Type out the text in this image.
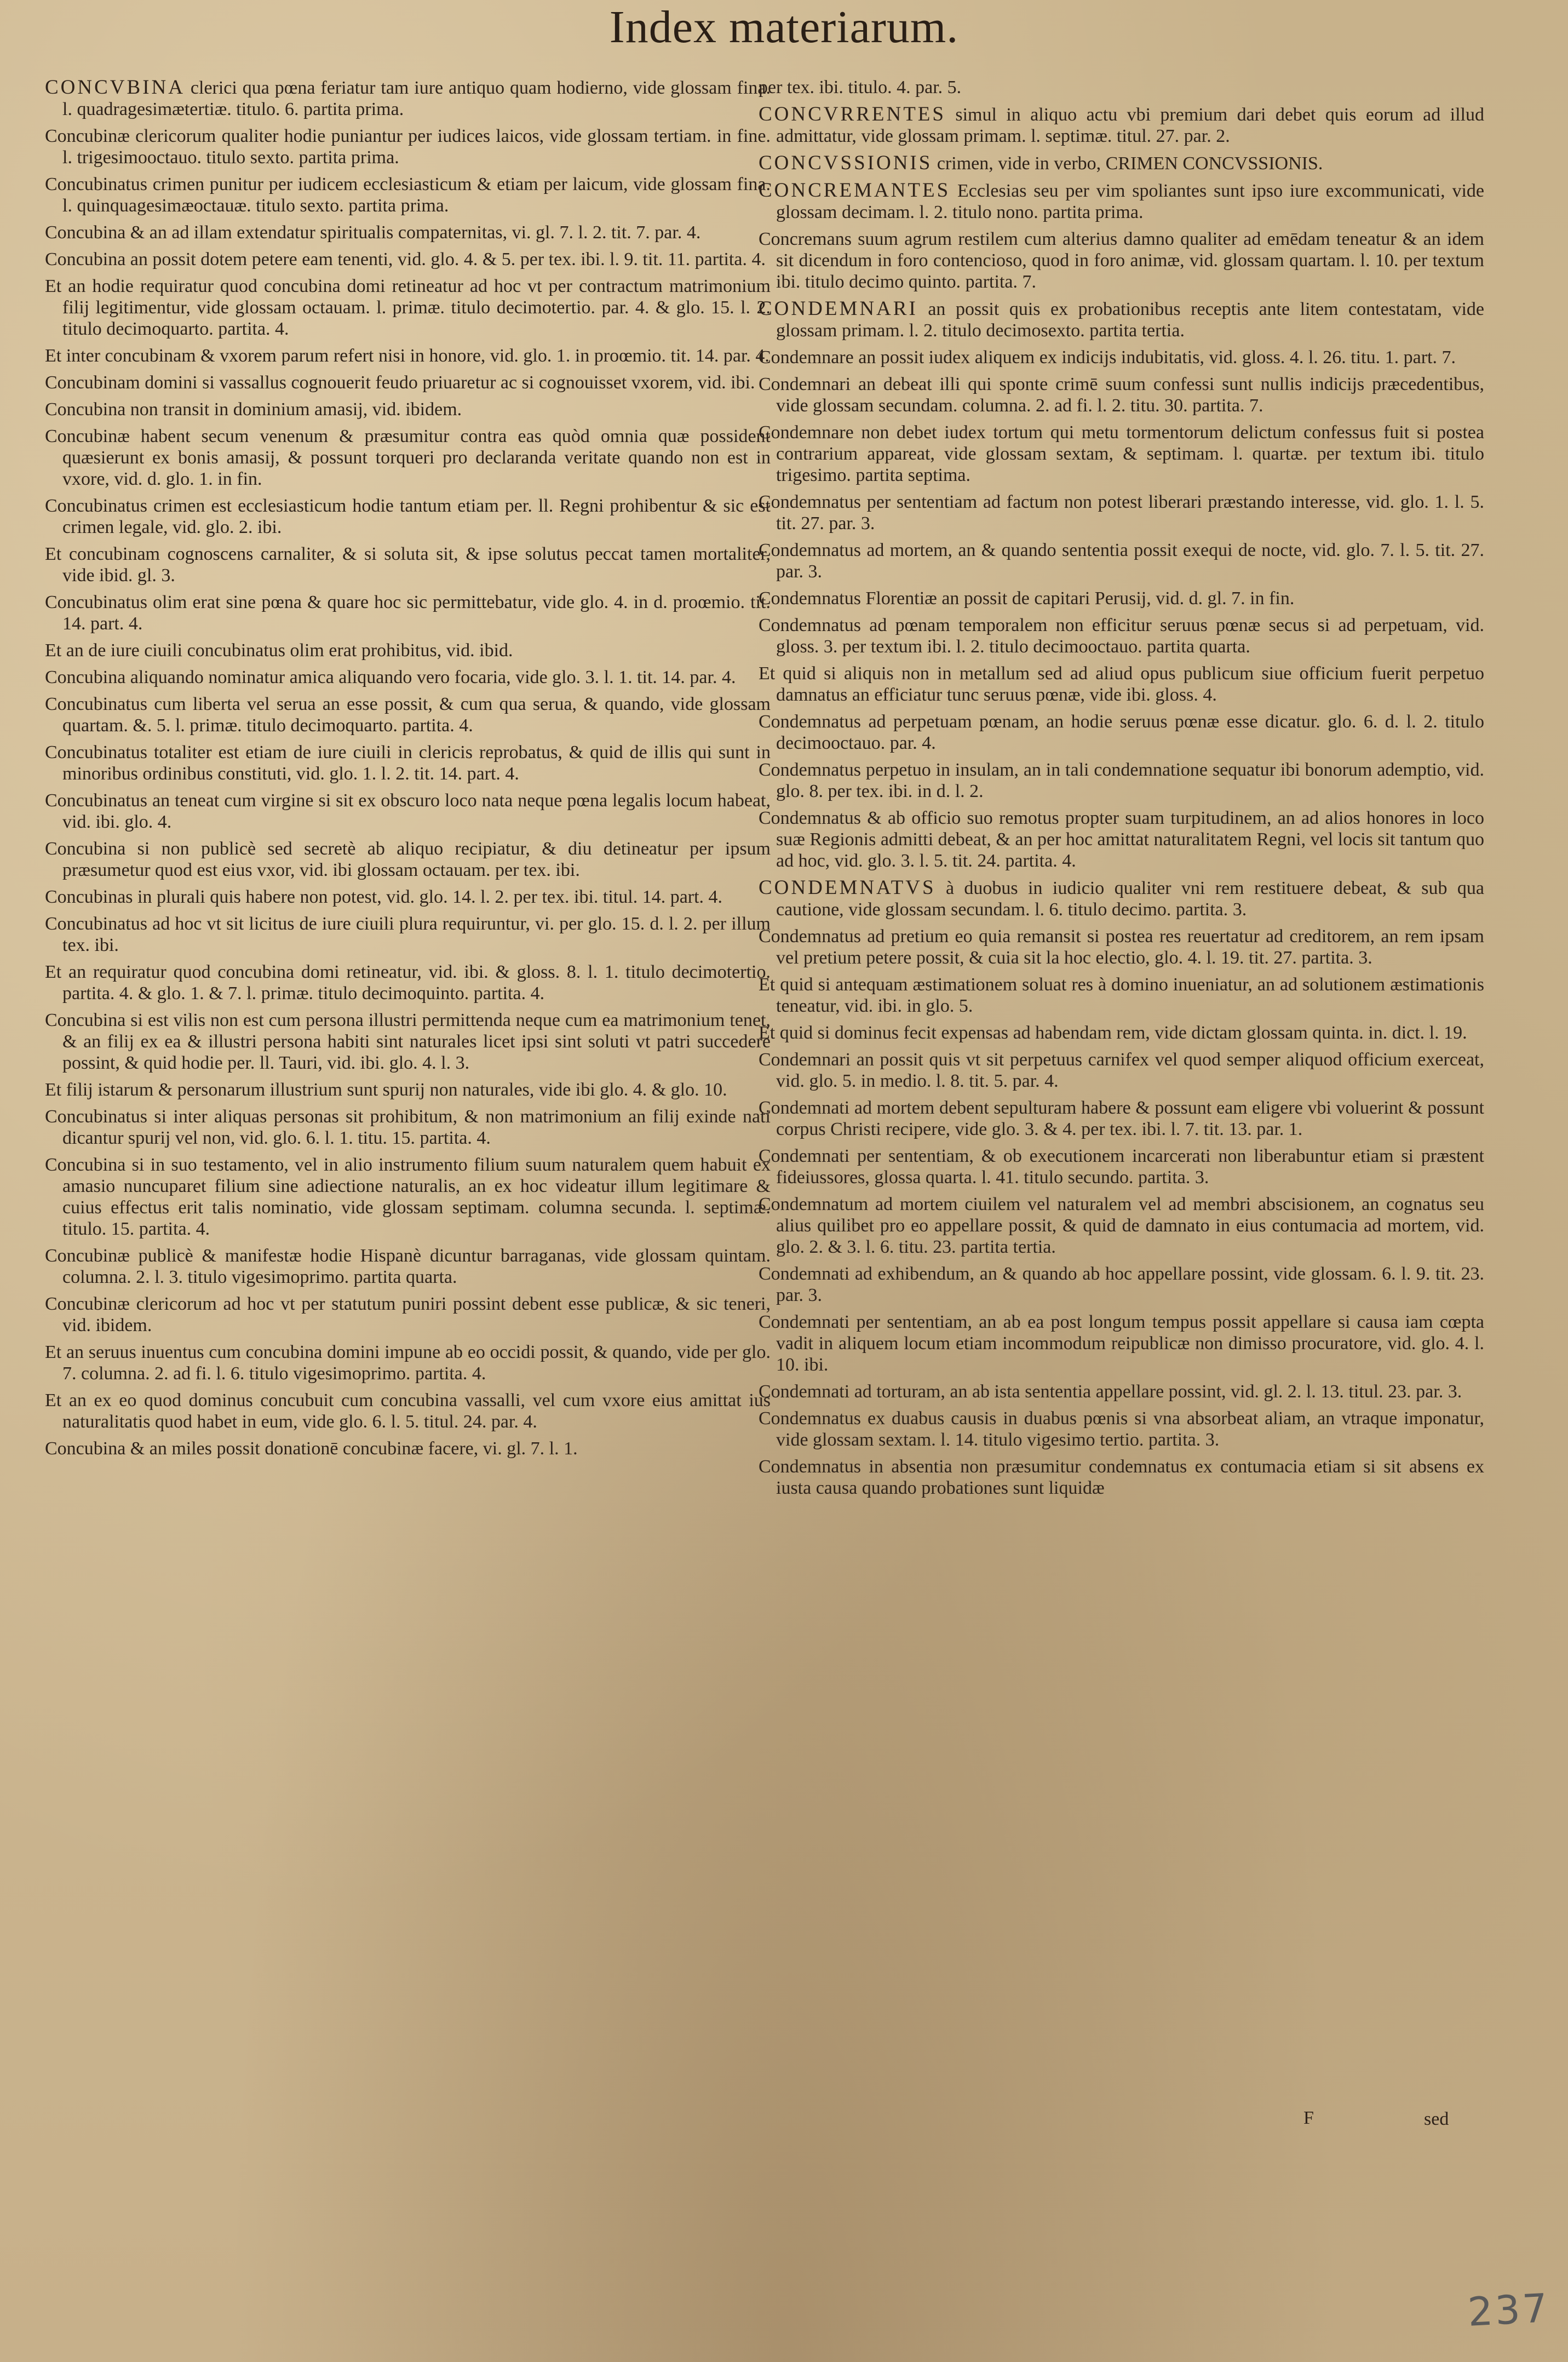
Index materiarum.

CONCVBINA clerici qua pœna feriatur tam iure antiquo quam hodierno, vide glossam fina. l. quadragesimætertiæ. titulo. 6. partita prima.

Concubinæ clericorum qualiter hodie puniantur per iudices laicos, vide glossam tertiam. in fine. l. trigesimooctauo. titulo sexto. partita prima.

Concubinatus crimen punitur per iudicem ecclesiasticum & etiam per laicum, vide glossam fina. l. quinquagesimæoctauæ. titulo sexto. partita prima.

Concubina & an ad illam extendatur spiritualis compaternitas, vi. gl. 7. l. 2. tit. 7. par. 4.

Concubina an possit dotem petere eam tenenti, vid. glo. 4. & 5. per tex. ibi. l. 9. tit. 11. partita. 4.

Et an hodie requiratur quod concubina domi retineatur ad hoc vt per contractum matrimonium filij legitimentur, vide glossam octauam. l. primæ. titulo decimotertio. par. 4. & glo. 15. l. 2. titulo decimoquarto. partita. 4.

Et inter concubinam & vxorem parum refert nisi in honore, vid. glo. 1. in proœmio. tit. 14. par. 4.

Concubinam domini si vassallus cognouerit feudo priuaretur ac si cognouisset vxorem, vid. ibi.

Concubina non transit in dominium amasij, vid. ibidem.

Concubinæ habent secum venenum & præsumitur contra eas quòd omnia quæ possident quæsierunt ex bonis amasij, & possunt torqueri pro declaranda veritate quando non est in vxore, vid. d. glo. 1. in fin.

Concubinatus crimen est ecclesiasticum hodie tantum etiam per. ll. Regni prohibentur & sic est crimen legale, vid. glo. 2. ibi.

Et concubinam cognoscens carnaliter, & si soluta sit, & ipse solutus peccat tamen mortaliter, vide ibid. gl. 3.

Concubinatus olim erat sine pœna & quare hoc sic permittebatur, vide glo. 4. in d. proœmio. tit. 14. part. 4.

Et an de iure ciuili concubinatus olim erat prohibitus, vid. ibid.

Concubina aliquando nominatur amica aliquando vero focaria, vide glo. 3. l. 1. tit. 14. par. 4.

Concubinatus cum liberta vel serua an esse possit, & cum qua serua, & quando, vide glossam quartam. &. 5. l. primæ. titulo decimoquarto. partita. 4.

Concubinatus totaliter est etiam de iure ciuili in clericis reprobatus, & quid de illis qui sunt in minoribus ordinibus constituti, vid. glo. 1. l. 2. tit. 14. part. 4.

Concubinatus an teneat cum virgine si sit ex obscuro loco nata neque pœna legalis locum habeat, vid. ibi. glo. 4.

Concubina si non publicè sed secretè ab aliquo recipiatur, & diu detineatur per ipsum præsumetur quod est eius vxor, vid. ibi glossam octauam. per tex. ibi.

Concubinas in plurali quis habere non potest, vid. glo. 14. l. 2. per tex. ibi. titul. 14. part. 4.

Concubinatus ad hoc vt sit licitus de iure ciuili plura requiruntur, vi. per glo. 15. d. l. 2. per illum tex. ibi.

Et an requiratur quod concubina domi retineatur, vid. ibi. & gloss. 8. l. 1. titulo decimotertio. partita. 4. & glo. 1. & 7. l. primæ. titulo decimoquinto. partita. 4.

Concubina si est vilis non est cum persona illustri permittenda neque cum ea matrimonium tenet, & an filij ex ea & illustri persona habiti sint naturales licet ipsi sint soluti vt patri succedere possint, & quid hodie per. ll. Tauri, vid. ibi. glo. 4. l. 3.

Et filij istarum & personarum illustrium sunt spurij non naturales, vide ibi glo. 4. & glo. 10.

Concubinatus si inter aliquas personas sit prohibitum, & non matrimonium an filij exinde nati dicantur spurij vel non, vid. glo. 6. l. 1. titu. 15. partita. 4.

Concubina si in suo testamento, vel in alio instrumento filium suum naturalem quem habuit ex amasio nuncuparet filium sine adiectione naturalis, an ex hoc videatur illum legitimare & cuius effectus erit talis nominatio, vide glossam septimam. columna secunda. l. septimæ. titulo. 15. partita. 4.

Concubinæ publicè & manifestæ hodie Hispanè dicuntur barraganas, vide glossam quintam. columna. 2. l. 3. titulo vigesimoprimo. partita quarta.

Concubinæ clericorum ad hoc vt per statutum puniri possint debent esse publicæ, & sic teneri, vid. ibidem.

Et an seruus inuentus cum concubina domini impune ab eo occidi possit, & quando, vide per glo. 7. columna. 2. ad fi. l. 6. titulo vigesimoprimo. partita. 4.

Et an ex eo quod dominus concubuit cum concubina vassalli, vel cum vxore eius amittat ius naturalitatis quod habet in eum, vide glo. 6. l. 5. titul. 24. par. 4.

Concubina & an miles possit donationē concubinæ facere, vi. gl. 7. l. 1.

per tex. ibi. titulo. 4. par. 5.

CONCVRRENTES simul in aliquo actu vbi premium dari debet quis eorum ad illud admittatur, vide glossam primam. l. septimæ. titul. 27. par. 2.

CONCVSSIONIS crimen, vide in verbo, CRIMEN CONCVSSIONIS.

CONCREMANTES Ecclesias seu per vim spoliantes sunt ipso iure excommunicati, vide glossam decimam. l. 2. titulo nono. partita prima.

Concremans suum agrum restilem cum alterius damno qualiter ad emēdam teneatur & an idem sit dicendum in foro contencioso, quod in foro animæ, vid. glossam quartam. l. 10. per textum ibi. titulo decimo quinto. partita. 7.

CONDEMNARI an possit quis ex probationibus receptis ante litem contestatam, vide glossam primam. l. 2. titulo decimosexto. partita tertia.

Condemnare an possit iudex aliquem ex indicijs indubitatis, vid. gloss. 4. l. 26. titu. 1. part. 7.

Condemnari an debeat illi qui sponte crimē suum confessi sunt nullis indicijs præcedentibus, vide glossam secundam. columna. 2. ad fi. l. 2. titu. 30. partita. 7.

Condemnare non debet iudex tortum qui metu tormentorum delictum confessus fuit si postea contrarium appareat, vide glossam sextam, & septimam. l. quartæ. per textum ibi. titulo trigesimo. partita septima.

Condemnatus per sententiam ad factum non potest liberari præstando interesse, vid. glo. 1. l. 5. tit. 27. par. 3.

Condemnatus ad mortem, an & quando sententia possit exequi de nocte, vid. glo. 7. l. 5. tit. 27. par. 3.

Condemnatus Florentiæ an possit de capitari Perusij, vid. d. gl. 7. in fin.

Condemnatus ad pœnam temporalem non efficitur seruus pœnæ secus si ad perpetuam, vid. gloss. 3. per textum ibi. l. 2. titulo decimooctauo. partita quarta.

Et quid si aliquis non in metallum sed ad aliud opus publicum siue officium fuerit perpetuo damnatus an efficiatur tunc seruus pœnæ, vide ibi. gloss. 4.

Condemnatus ad perpetuam pœnam, an hodie seruus pœnæ esse dicatur. glo. 6. d. l. 2. titulo decimooctauo. par. 4.

Condemnatus perpetuo in insulam, an in tali condemnatione sequatur ibi bonorum ademptio, vid. glo. 8. per tex. ibi. in d. l. 2.

Condemnatus & ab officio suo remotus propter suam turpitudinem, an ad alios honores in loco suæ Regionis admitti debeat, & an per hoc amittat naturalitatem Regni, vel locis sit tantum quo ad hoc, vid. glo. 3. l. 5. tit. 24. partita. 4.

CONDEMNATVS à duobus in iudicio qualiter vni rem restituere debeat, & sub qua cautione, vide glossam secundam. l. 6. titulo decimo. partita. 3.

Condemnatus ad pretium eo quia remansit si postea res reuertatur ad creditorem, an rem ipsam vel pretium petere possit, & cuia sit la hoc electio, glo. 4. l. 19. tit. 27. partita. 3.

Et quid si antequam æstimationem soluat res à domino inueniatur, an ad solutionem æstimationis teneatur, vid. ibi. in glo. 5.

Et quid si dominus fecit expensas ad habendam rem, vide dictam glossam quinta. in. dict. l. 19.

Condemnari an possit quis vt sit perpetuus carnifex vel quod semper aliquod officium exerceat, vid. glo. 5. in medio. l. 8. tit. 5. par. 4.

Condemnati ad mortem debent sepulturam habere & possunt eam eligere vbi voluerint & possunt corpus Christi recipere, vide glo. 3. & 4. per tex. ibi. l. 7. tit. 13. par. 1.

Condemnati per sententiam, & ob executionem incarcerati non liberabuntur etiam si præstent fideiussores, glossa quarta. l. 41. titulo secundo. partita. 3.

Condemnatum ad mortem ciuilem vel naturalem vel ad membri abscisionem, an cognatus seu alius quilibet pro eo appellare possit, & quid de damnato in eius contumacia ad mortem, vid. glo. 2. & 3. l. 6. titu. 23. partita tertia.

Condemnati ad exhibendum, an & quando ab hoc appellare possint, vide glossam. 6. l. 9. tit. 23. par. 3.

Condemnati per sententiam, an ab ea post longum tempus possit appellare si causa iam cœpta vadit in aliquem locum etiam incommodum reipublicæ non dimisso procuratore, vid. glo. 4. l. 10. ibi.

Condemnati ad torturam, an ab ista sententia appellare possint, vid. gl. 2. l. 13. titul. 23. par. 3.

Condemnatus ex duabus causis in duabus pœnis si vna absorbeat aliam, an vtraque imponatur, vide glossam sextam. l. 14. titulo vigesimo tertio. partita. 3.

Condemnatus in absentia non præsumitur condemnatus ex contumacia etiam si sit absens ex iusta causa quando probationes sunt liquidæ

F	sed
237
